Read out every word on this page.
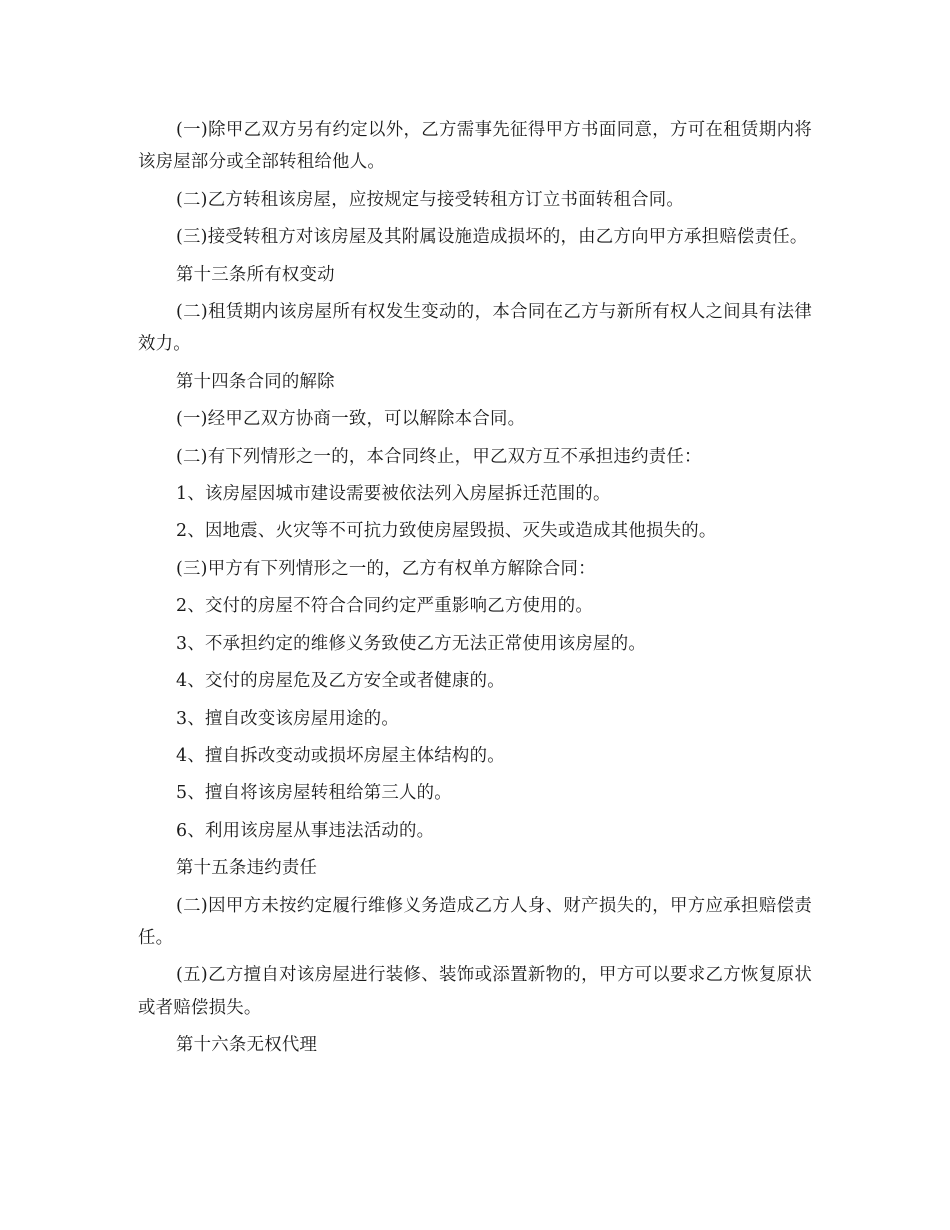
(一)除甲乙双方另有约定以外，乙方需事先征得甲方书面同意，方可在租赁期内将该房屋部分或全部转租给他人。

(二)乙方转租该房屋，应按规定与接受转租方订立书面转租合同。

(三)接受转租方对该房屋及其附属设施造成损坏的，由乙方向甲方承担赔偿责任。

第十三条所有权变动

(二)租赁期内该房屋所有权发生变动的，本合同在乙方与新所有权人之间具有法律效力。

第十四条合同的解除

(一)经甲乙双方协商一致，可以解除本合同。

(二)有下列情形之一的，本合同终止，甲乙双方互不承担违约责任：

1、该房屋因城市建设需要被依法列入房屋拆迁范围的。

2、因地震、火灾等不可抗力致使房屋毁损、灭失或造成其他损失的。

(三)甲方有下列情形之一的，乙方有权单方解除合同：

2、交付的房屋不符合合同约定严重影响乙方使用的。

3、不承担约定的维修义务致使乙方无法正常使用该房屋的。

4、交付的房屋危及乙方安全或者健康的。

3、擅自改变该房屋用途的。

4、擅自拆改变动或损坏房屋主体结构的。

5、擅自将该房屋转租给第三人的。

6、利用该房屋从事违法活动的。

第十五条违约责任

(二)因甲方未按约定履行维修义务造成乙方人身、财产损失的，甲方应承担赔偿责任。

(五)乙方擅自对该房屋进行装修、装饰或添置新物的，甲方可以要求乙方恢复原状或者赔偿损失。

第十六条无权代理
